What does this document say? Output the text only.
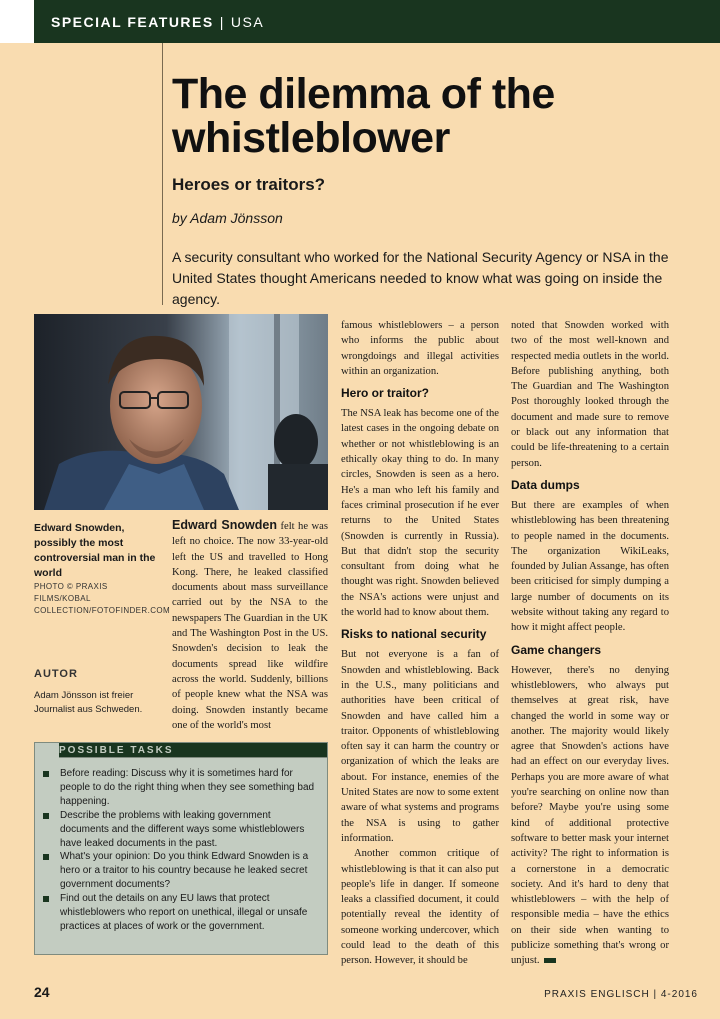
SPECIAL FEATURES | USA
The dilemma of the whistleblower
Heroes or traitors?
by Adam Jönsson
A security consultant who worked for the National Security Agency or NSA in the United States thought Americans needed to know what was going on inside the agency.
Edward Snowden, possibly the most controversial man in the world
PHOTO © PRAXIS FILMS/KOBAL COLLECTION/FOTOFINDER.COM
AUTOR
Adam Jönsson ist freier Journalist aus Schweden.

Edward Snowden felt he was left no choice. The now 33-year-old left the US and travelled to Hong Kong. There, he leaked classified documents about mass surveillance carried out by the NSA to the newspapers The Guardian in the UK and The Washington Post in the US. Snowden's decision to leak the documents spread like wildfire across the world. Suddenly, billions of people knew what the NSA was doing. Snowden instantly became one of the world's most

famous whistleblowers – a person who informs the public about wrongdoings and illegal activities within an organization.

Hero or traitor?

The NSA leak has become one of the latest cases in the ongoing debate on whether or not whistleblowing is an ethically okay thing to do. In many circles, Snowden is seen as a hero. He's a man who left his family and faces criminal prosecution if he ever returns to the United States (Snowden is currently in Russia). But that didn't stop the security consultant from doing what he thought was right. Snowden believed the NSA's actions were unjust and the world had to know about them.

Risks to national security

But not everyone is a fan of Snowden and whistleblowing. Back in the U.S., many politicians and authorities have been critical of Snowden and have called him a traitor. Opponents of whistleblowing often say it can harm the country or organization of which the leaks are about. For instance, enemies of the United States are now to some extent aware of what systems and programs the NSA is using to gather information.

Another common critique of whistleblowing is that it can also put people's life in danger. If someone leaks a classified document, it could potentially reveal the identity of someone working undercover, which could lead to the death of this person. However, it should be

noted that Snowden worked with two of the most well-known and respected media outlets in the world. Before publishing anything, both The Guardian and The Washington Post thoroughly looked through the document and made sure to remove or black out any information that could be life-threatening to a certain person.

Data dumps

But there are examples of when whistleblowing has been threatening to people named in the documents. The organization WikiLeaks, founded by Julian Assange, has often been criticised for simply dumping a large number of documents on its website without taking any regard to how it might affect people.

Game changers

However, there's no denying whistleblowers, who always put themselves at great risk, have changed the world in some way or another. The majority would likely agree that Snowden's actions have had an effect on our everyday lives. Perhaps you are more aware of what you're searching on online now than before? Maybe you're using some kind of additional protective software to better mask your internet activity? The right to information is a cornerstone in a democratic society. And it's hard to deny that whistleblowers – with the help of responsible media – have the ethics on their side when wanting to publicize something that's wrong or unjust.

POSSIBLE TASKS
Before reading: Discuss why it is sometimes hard for people to do the right thing when they see something bad happening.
Describe the problems with leaking government documents and the different ways some whistleblowers have leaked documents in the past.
What's your opinion: Do you think Edward Snowden is a hero or a traitor to his country because he leaked secret government documents?
Find out the details on any EU laws that protect whistleblowers who report on unethical, illegal or unsafe practices at places of work or the government.
24	PRAXIS ENGLISCH | 4-2016
